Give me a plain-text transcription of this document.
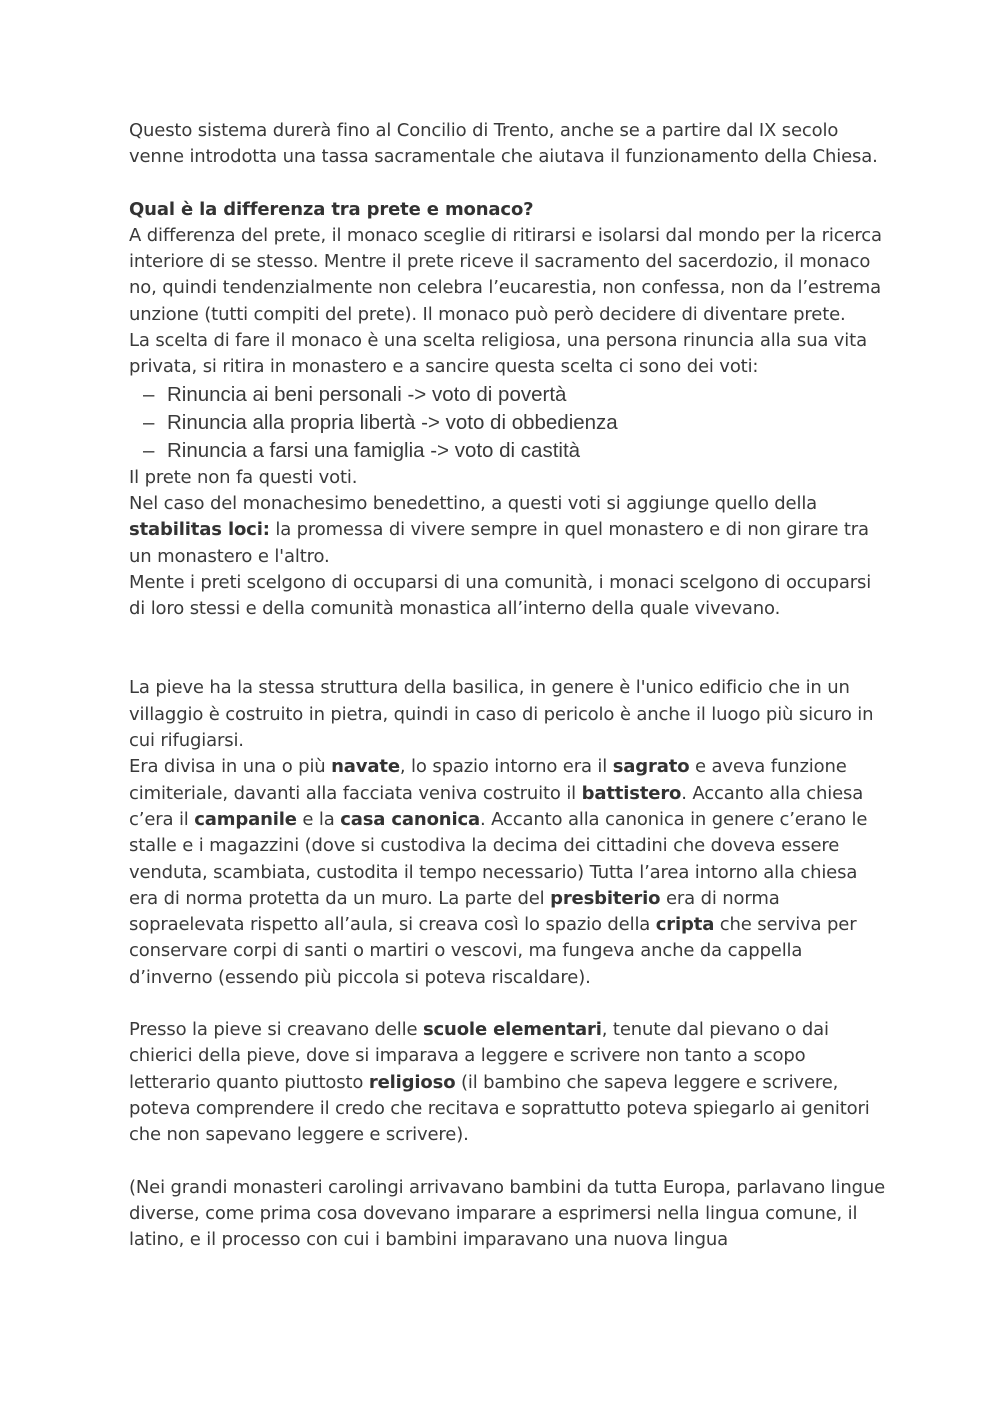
Questo sistema durerà fino al Concilio di Trento, anche se a partire dal IX secolo venne introdotta una tassa sacramentale che aiutava il funzionamento della Chiesa.

Qual è la differenza tra prete e monaco?

A differenza del prete, il monaco sceglie di ritirarsi e isolarsi dal mondo per la ricerca interiore di se stesso. Mentre il prete riceve il sacramento del sacerdozio, il monaco no, quindi tendenzialmente non celebra l’eucarestia, non confessa, non da l’estrema unzione (tutti compiti del prete). Il monaco può però decidere di diventare prete.

La scelta di fare il monaco è una scelta religiosa, una persona rinuncia alla sua vita privata, si ritira in monastero e a sancire questa scelta ci sono dei voti:

– Rinuncia ai beni personali -> voto di povertà
– Rinuncia alla propria libertà -> voto di obbedienza
– Rinuncia a farsi una famiglia -> voto di castità

Il prete non fa questi voti.

Nel caso del monachesimo benedettino, a questi voti si aggiunge quello della stabilitas loci: la promessa di vivere sempre in quel monastero e di non girare tra un monastero e l'altro.

Mente i preti scelgono di occuparsi di una comunità, i monaci scelgono di occuparsi di loro stessi e della comunità monastica all’interno della quale vivevano.

La pieve ha la stessa struttura della basilica, in genere è l'unico edificio che in un villaggio è costruito in pietra, quindi in caso di pericolo è anche il luogo più sicuro in cui rifugiarsi.

Era divisa in una o più navate, lo spazio intorno era il sagrato e aveva funzione cimiteriale, davanti alla facciata veniva costruito il battistero. Accanto alla chiesa c’era il campanile e la casa canonica. Accanto alla canonica in genere c’erano le stalle e i magazzini (dove si custodiva la decima dei cittadini che doveva essere venduta, scambiata, custodita il tempo necessario) Tutta l’area intorno alla chiesa era di norma protetta da un muro. La parte del presbiterio era di norma sopraelevata rispetto all’aula, si creava così lo spazio della cripta che serviva per conservare corpi di santi o martiri o vescovi, ma fungeva anche da cappella d’inverno (essendo più piccola si poteva riscaldare).

Presso la pieve si creavano delle scuole elementari, tenute dal pievano o dai chierici della pieve, dove si imparava a leggere e scrivere non tanto a scopo letterario quanto piuttosto religioso (il bambino che sapeva leggere e scrivere, poteva comprendere il credo che recitava e soprattutto poteva spiegarlo ai genitori che non sapevano leggere e scrivere).

(Nei grandi monasteri carolingi arrivavano bambini da tutta Europa, parlavano lingue diverse, come prima cosa dovevano imparare a esprimersi nella lingua comune, il latino, e il processo con cui i bambini imparavano una nuova lingua
